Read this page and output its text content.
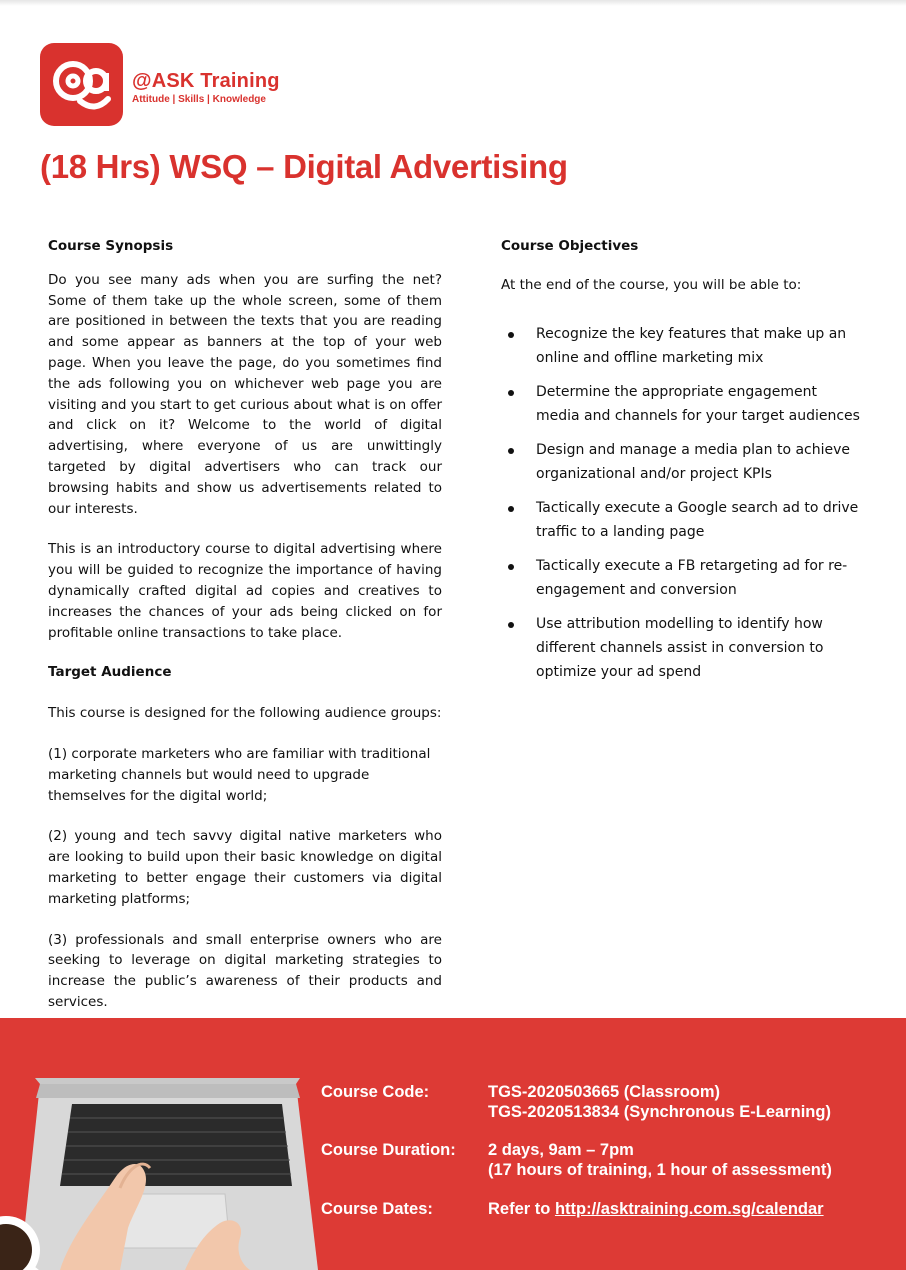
@ASK Training
Attitude | Skills | Knowledge
(18 Hrs) WSQ – Digital Advertising

Course Synopsis

Do you see many ads when you are surfing the net? Some of them take up the whole screen, some of them are positioned in between the texts that you are reading and some appear as banners at the top of your web page. When you leave the page, do you sometimes find the ads following you on whichever web page you are visiting and you start to get curious about what is on offer and click on it? Welcome to the world of digital advertising, where everyone of us are unwittingly targeted by digital advertisers who can track our browsing habits and show us advertisements related to our interests.

This is an introductory course to digital advertising where you will be guided to recognize the importance of having dynamically crafted digital ad copies and creatives to increases the chances of your ads being clicked on for profitable online transactions to take place.

Target Audience

This course is designed for the following audience groups:

(1) corporate marketers who are familiar with traditional marketing channels but would need to upgrade themselves for the digital world;

(2) young and tech savvy digital native marketers who are looking to build upon their basic knowledge on digital marketing to better engage their customers via digital marketing platforms;

(3) professionals and small enterprise owners who are seeking to leverage on digital marketing strategies to increase the public’s awareness of their products and services.

Course Objectives

At the end of the course, you will be able to:

Recognize the key features that make up an online and offline marketing mix
Determine the appropriate engagement media and channels for your target audiences
Design and manage a media plan to achieve organizational and/or project KPIs
Tactically execute a Google search ad to drive traffic to a landing page
Tactically execute a FB retargeting ad for re-engagement and conversion
Use attribution modelling to identify how different channels assist in conversion to optimize your ad spend
Course Code:	TGS-2020503665 (Classroom)
TGS-2020513834 (Synchronous E-Learning)
Course Duration: 2 days, 9am – 7pm
(17 hours of training, 1 hour of assessment)
Course Dates:	Refer to http://asktraining.com.sg/calendar
